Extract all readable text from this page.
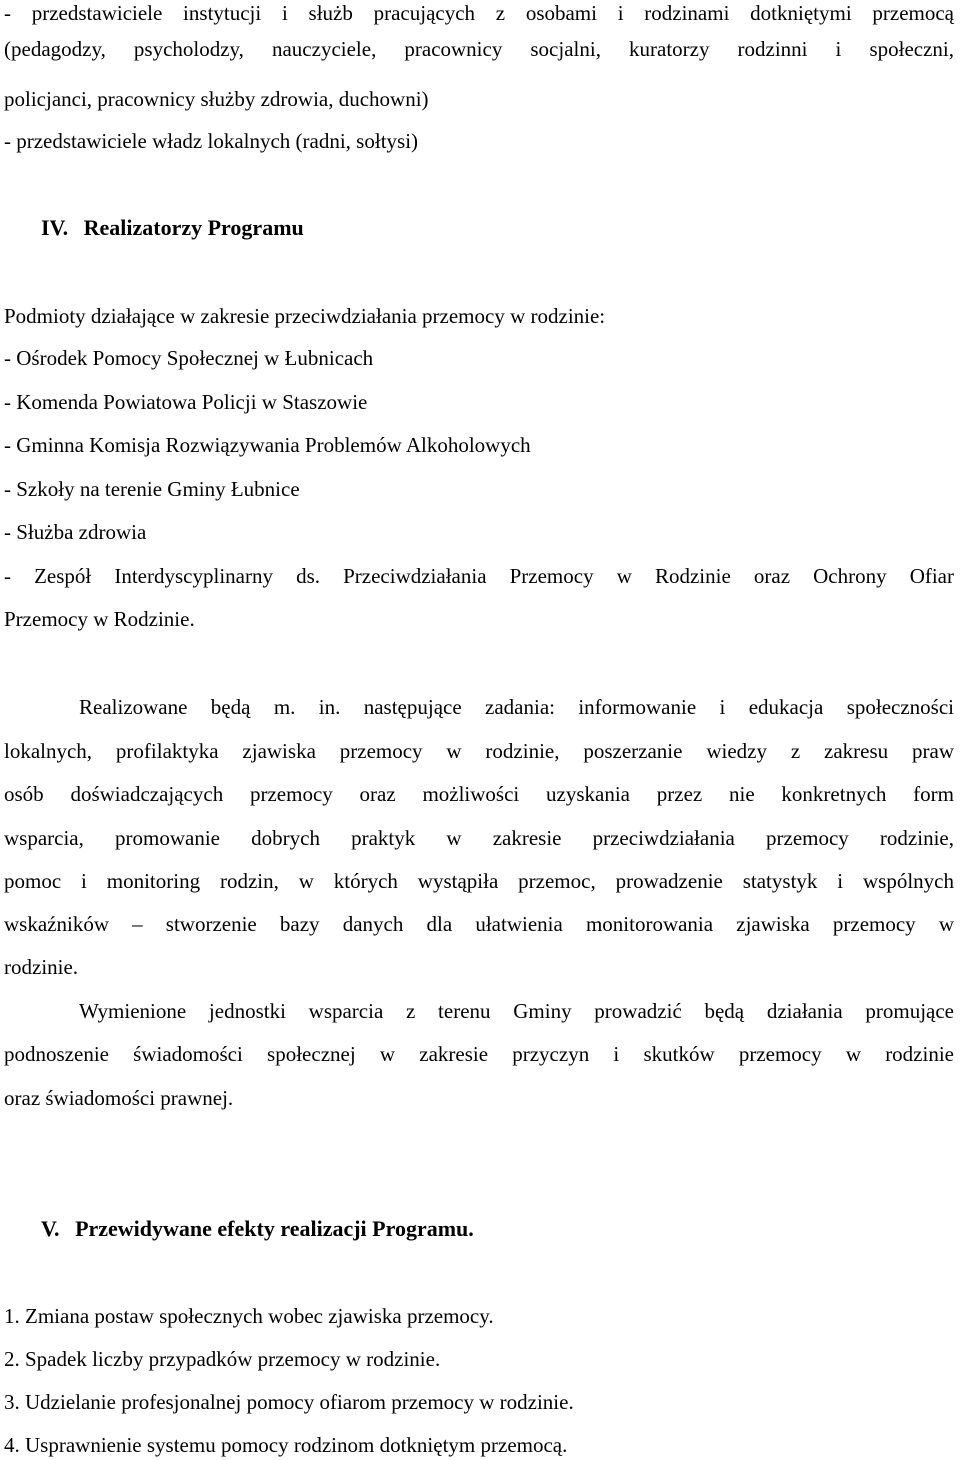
- przedstawiciele instytucji i służb pracujących z osobami i rodzinami dotkniętymi przemocą
(pedagodzy, psycholodzy, nauczyciele, pracownicy socjalni, kuratorzy rodzinni i społeczni,
policjanci, pracownicy służby zdrowia, duchowni)
- przedstawiciele władz lokalnych (radni, sołtysi)
IV. Realizatorzy Programu
Podmioty działające w zakresie przeciwdziałania przemocy w rodzinie:
- Ośrodek Pomocy Społecznej w Łubnicach
- Komenda Powiatowa Policji w Staszowie
- Gminna Komisja Rozwiązywania Problemów Alkoholowych
- Szkoły na terenie Gminy Łubnice
- Służba zdrowia
- Zespół Interdyscyplinarny ds. Przeciwdziałania Przemocy w Rodzinie oraz Ochrony Ofiar
Przemocy w Rodzinie.
Realizowane będą m. in. następujące zadania: informowanie i edukacja społeczności
lokalnych, profilaktyka zjawiska przemocy w rodzinie, poszerzanie wiedzy z zakresu praw
osób doświadczających przemocy oraz możliwości uzyskania przez nie konkretnych form
wsparcia, promowanie dobrych praktyk w zakresie przeciwdziałania przemocy rodzinie,
pomoc i monitoring rodzin, w których wystąpiła przemoc, prowadzenie statystyk i wspólnych
wskaźników – stworzenie bazy danych dla ułatwienia monitorowania zjawiska przemocy w
rodzinie.
Wymienione jednostki wsparcia z terenu Gminy prowadzić będą działania promujące
podnoszenie świadomości społecznej w zakresie przyczyn i skutków przemocy w rodzinie
oraz świadomości prawnej.
V. Przewidywane efekty realizacji Programu.
1. Zmiana postaw społecznych wobec zjawiska przemocy.
2. Spadek liczby przypadków przemocy w rodzinie.
3. Udzielanie profesjonalnej pomocy ofiarom przemocy w rodzinie.
4. Usprawnienie systemu pomocy rodzinom dotkniętym przemocą.
